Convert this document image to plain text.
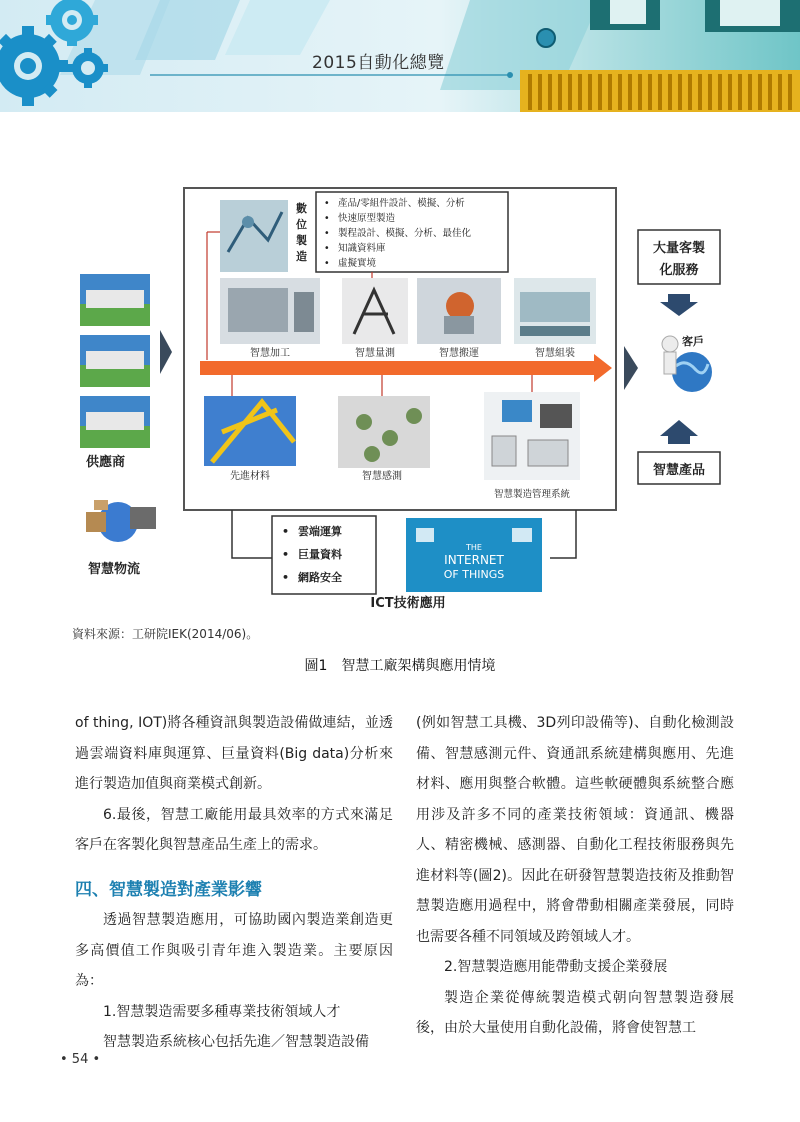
2015自動化總覽
供應商
智慧物流
數
位
製
造
• 產品/零組件設計、模擬、分析
• 快速原型製造
• 製程設計、模擬、分析、最佳化
• 知識資料庫
• 虛擬實境
智慧加工	智慧量測	智慧搬運	智慧組裝
先進材料	智慧感測
智慧製造管理系統
大量客製
化服務
客戶
智慧產品
• 雲端運算
• 巨量資料
• 網路安全
THE
INTERNET
OF THINGS
ICT技術應用
資料來源：工研院IEK(2014/06)。
圖1　智慧工廠架構與應用情境

of thing, IOT)將各種資訊與製造設備做連結，並透過雲端資料庫與運算、巨量資料(Big data)分析來進行製造加值與商業模式創新。

6.最後，智慧工廠能用最具效率的方式來滿足客戶在客製化與智慧產品生產上的需求。

四、智慧製造對產業影響

透過智慧製造應用，可協助國內製造業創造更多高價值工作與吸引青年進入製造業。主要原因為：

1.智慧製造需要多種專業技術領域人才

智慧製造系統核心包括先進／智慧製造設備

(例如智慧工具機、3D列印設備等)、自動化檢測設備、智慧感測元件、資通訊系統建構與應用、先進材料、應用與整合軟體。這些軟硬體與系統整合應用涉及許多不同的產業技術領域：資通訊、機器人、精密機械、感測器、自動化工程技術服務與先進材料等(圖2)。因此在研發智慧製造技術及推動智慧製造應用過程中，將會帶動相關產業發展，同時也需要各種不同領域及跨領域人才。

2.智慧製造應用能帶動支援企業發展

製造企業從傳統製造模式朝向智慧製造發展後，由於大量使用自動化設備，將會使智慧工

• 54 •
